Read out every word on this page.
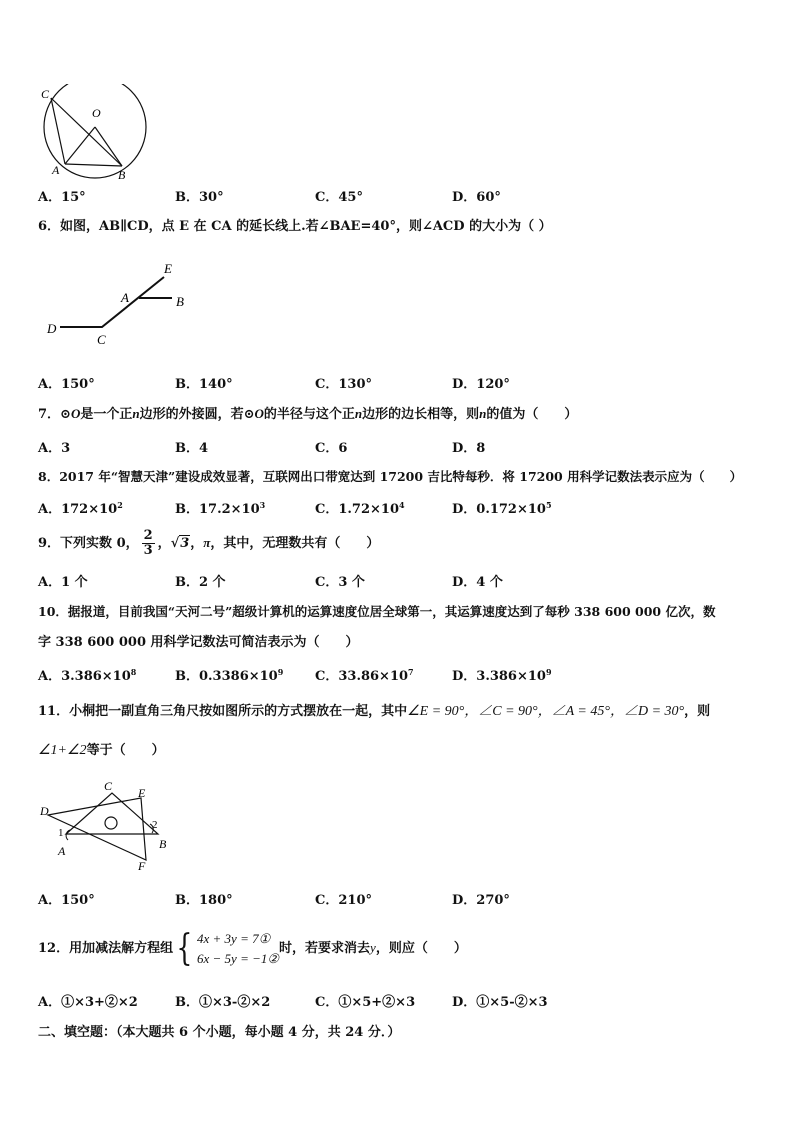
C
O
A	B
A．15°	B．30°	C．45°	D．60°
6．如图，AB∥CD，点 E 在 CA 的延长线上.若∠BAE=40°，则∠ACD 的大小为（ ）
E
A	B
D
C
A．150°	B．140°	C．130°	D．120°
7．⊙O是一个正n边形的外接圆，若⊙O的半径与这个正n边形的边长相等，则n的值为（　　）
A．3	B．4	C．6	D．8
8．2017 年“智慧天津”建设成效显著，互联网出口带宽达到 17200 吉比特每秒．将 17200 用科学记数法表示应为（　　）
A．$172\times 10^2$	B．$17.2\times 10^3$	C．$1.72\times 10^4$	D．$0.172\times 10^5$
9．下列实数 0， $\frac{2}{3}$ ，√3，π，其中，无理数共有（　　）
A．1 个	B．2 个	C．3 个	D．4 个
10．据报道，目前我国“天河二号”超级计算机的运算速度位居全球第一，其运算速度达到了每秒 338 600 000 亿次，数
字 338 600 000 用科学记数法可简洁表示为（　　）
A．$3.386\times 10^8$	B．$0.3386\times 10^9$ C．$33.86\times 10^7$	D．$3.386\times 10^9$
11．小桐把一副直角三角尺按如图所示的方式摆放在一起，其中∠E = 90°，∠C = 90°，∠A = 45°，∠D = 30°，则
∠1+∠2等于（　　）
C E
D
1
2
A	B
F
A．150°	B．180°	C．210°	D．270°
12．用加减法解方程组{ 4x + 3y = 7①
6x − 5y = −1②
时，若要求消去y，则应（　　）
A．①×3+②×2	B．①×3-②×2	C．①×5+②×3	D．①×5-②×3
二、填空题：（本大题共 6 个小题，每小题 4 分，共 24 分．）
